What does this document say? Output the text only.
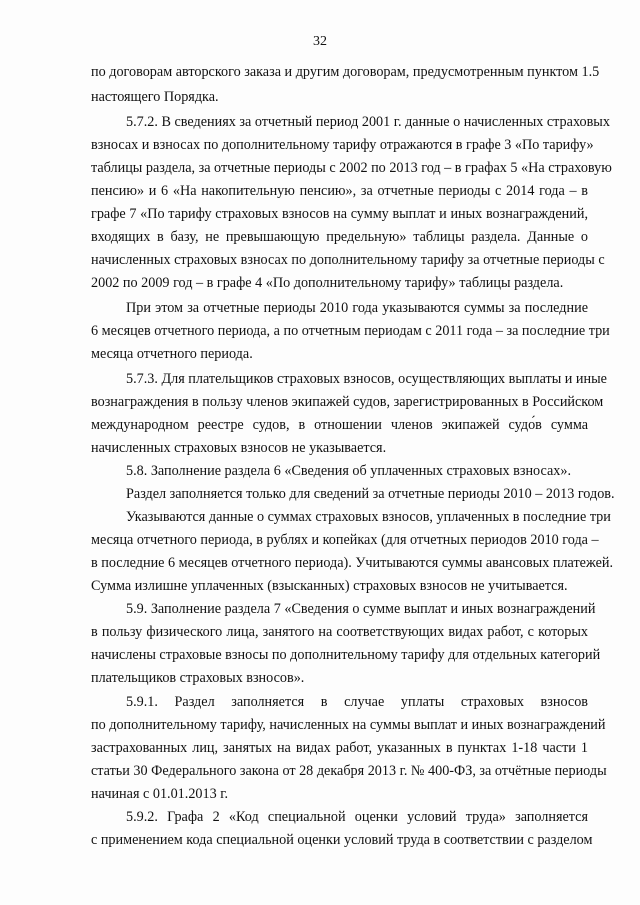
32
по договорам авторского заказа и другим договорам, предусмотренным пунктом 1.5
настоящего Порядка.
5.7.2. В сведениях за отчетный период 2001 г. данные о начисленных страховых
взносах и взносах по дополнительному тарифу отражаются в графе 3 «По тарифу»
таблицы раздела, за отчетные периоды с 2002 по 2013 год – в графах 5 «На страховую
пенсию» и 6 «На накопительную пенсию», за отчетные периоды с 2014 года – в
графе 7 «По тарифу страховых взносов на сумму выплат и иных вознаграждений,
входящих в базу, не превышающую предельную» таблицы раздела. Данные о
начисленных страховых взносах по дополнительному тарифу за отчетные периоды с
2002 по 2009 год – в графе 4 «По дополнительному тарифу» таблицы раздела.
При этом за отчетные периоды 2010 года указываются суммы за последние
6 месяцев отчетного периода, а по отчетным периодам с 2011 года – за последние три
месяца отчетного периода.
5.7.3. Для плательщиков страховых взносов, осуществляющих выплаты и иные
вознаграждения в пользу членов экипажей судов, зарегистрированных в Российском
международном реестре судов, в отношении членов экипажей судо́в сумма
начисленных страховых взносов не указывается.
5.8. Заполнение раздела 6 «Сведения об уплаченных страховых взносах».
Раздел заполняется только для сведений за отчетные периоды 2010 – 2013 годов.
Указываются данные о суммах страховых взносов, уплаченных в последние три
месяца отчетного периода, в рублях и копейках (для отчетных периодов 2010 года –
в последние 6 месяцев отчетного периода). Учитываются суммы авансовых платежей.
Сумма излишне уплаченных (взысканных) страховых взносов не учитывается.
5.9. Заполнение раздела 7 «Сведения о сумме выплат и иных вознаграждений
в пользу физического лица, занятого на соответствующих видах работ, с которых
начислены страховые взносы по дополнительному тарифу для отдельных категорий
плательщиков страховых взносов».
5.9.1. Раздел заполняется в случае уплаты страховых взносов
по дополнительному тарифу, начисленных на суммы выплат и иных вознаграждений
застрахованных лиц, занятых на видах работ, указанных в пунктах 1-18 части 1
статьи 30 Федерального закона от 28 декабря 2013 г. № 400-ФЗ, за отчётные периоды
начиная с 01.01.2013 г.
5.9.2. Графа 2 «Код специальной оценки условий труда» заполняется
с применением кода специальной оценки условий труда в соответствии с разделом
